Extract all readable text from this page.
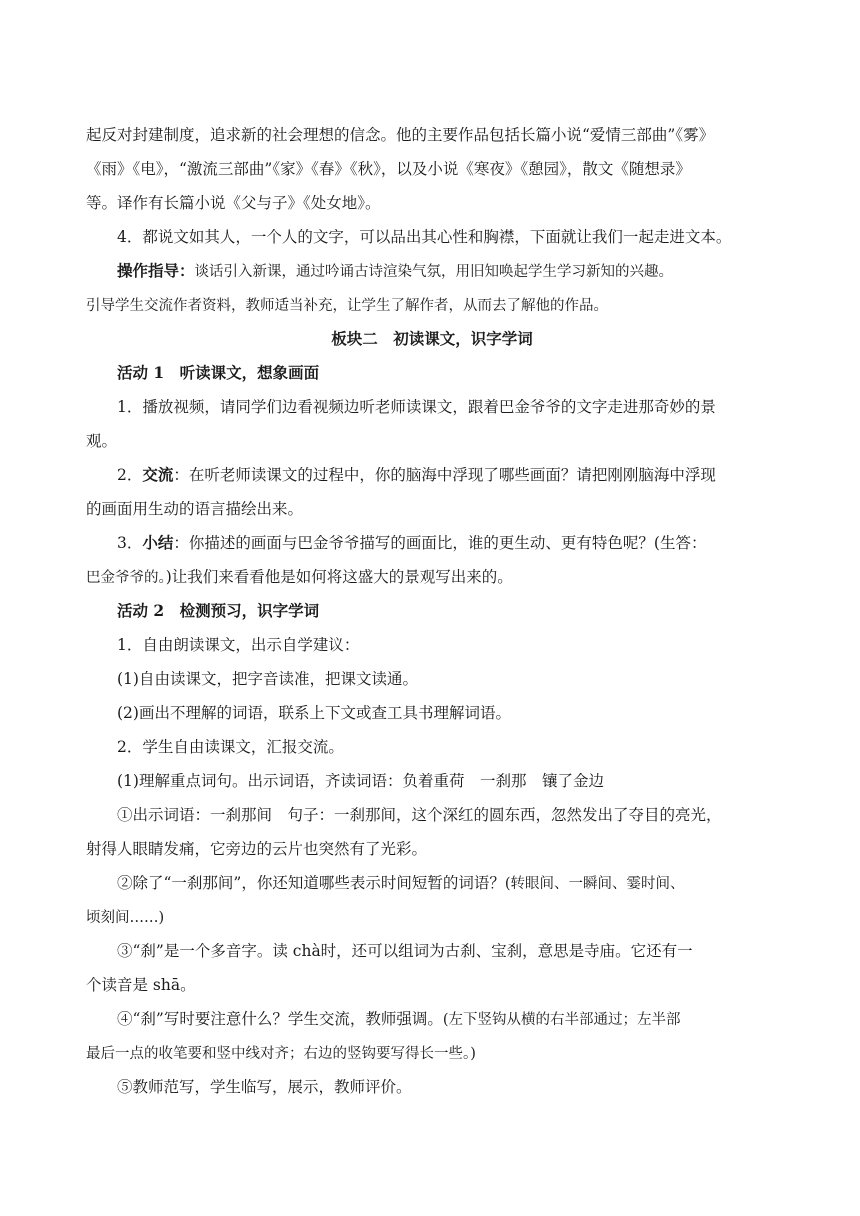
起反对封建制度，追求新的社会理想的信念。他的主要作品包括长篇小说“爱情三部曲”《雾》
《雨》《电》，“激流三部曲”《家》《春》《秋》，以及小说《寒夜》《憩园》，散文《随想录》
等。译作有长篇小说《父与子》《处女地》。
4．都说文如其人，一个人的文字，可以品出其心性和胸襟，下面就让我们一起走进文本。
操作指导：谈话引入新课，通过吟诵古诗渲染气氛，用旧知唤起学生学习新知的兴趣。
引导学生交流作者资料，教师适当补充，让学生了解作者，从而去了解他的作品。
板块二　初读课文，识字学词
活动 1　听读课文，想象画面
1．播放视频，请同学们边看视频边听老师读课文，跟着巴金爷爷的文字走进那奇妙的景
观。
2．交流：在听老师读课文的过程中，你的脑海中浮现了哪些画面？请把刚刚脑海中浮现
的画面用生动的语言描绘出来。
3．小结：你描述的画面与巴金爷爷描写的画面比，谁的更生动、更有特色呢？(生答：
巴金爷爷的。)让我们来看看他是如何将这盛大的景观写出来的。
活动 2　检测预习，识字学词
1．自由朗读课文，出示自学建议：
(1)自由读课文，把字音读准，把课文读通。
(2)画出不理解的词语，联系上下文或查工具书理解词语。
2．学生自由读课文，汇报交流。
(1)理解重点词句。出示词语，齐读词语：负着重荷　一刹那　镶了金边
①出示词语：一刹那间　句子：一刹那间，这个深红的圆东西，忽然发出了夺目的亮光，
射得人眼睛发痛，它旁边的云片也突然有了光彩。
②除了“一刹那间”，你还知道哪些表示时间短暂的词语？(转眼间、一瞬间、霎时间、
顷刻间……)
③“刹”是一个多音字。读 chà时，还可以组词为古刹、宝刹，意思是寺庙。它还有一
个读音是 shā。
④“刹”写时要注意什么？学生交流，教师强调。(左下竖钩从横的右半部通过；左半部
最后一点的收笔要和竖中线对齐；右边的竖钩要写得长一些。)
⑤教师范写，学生临写，展示，教师评价。
